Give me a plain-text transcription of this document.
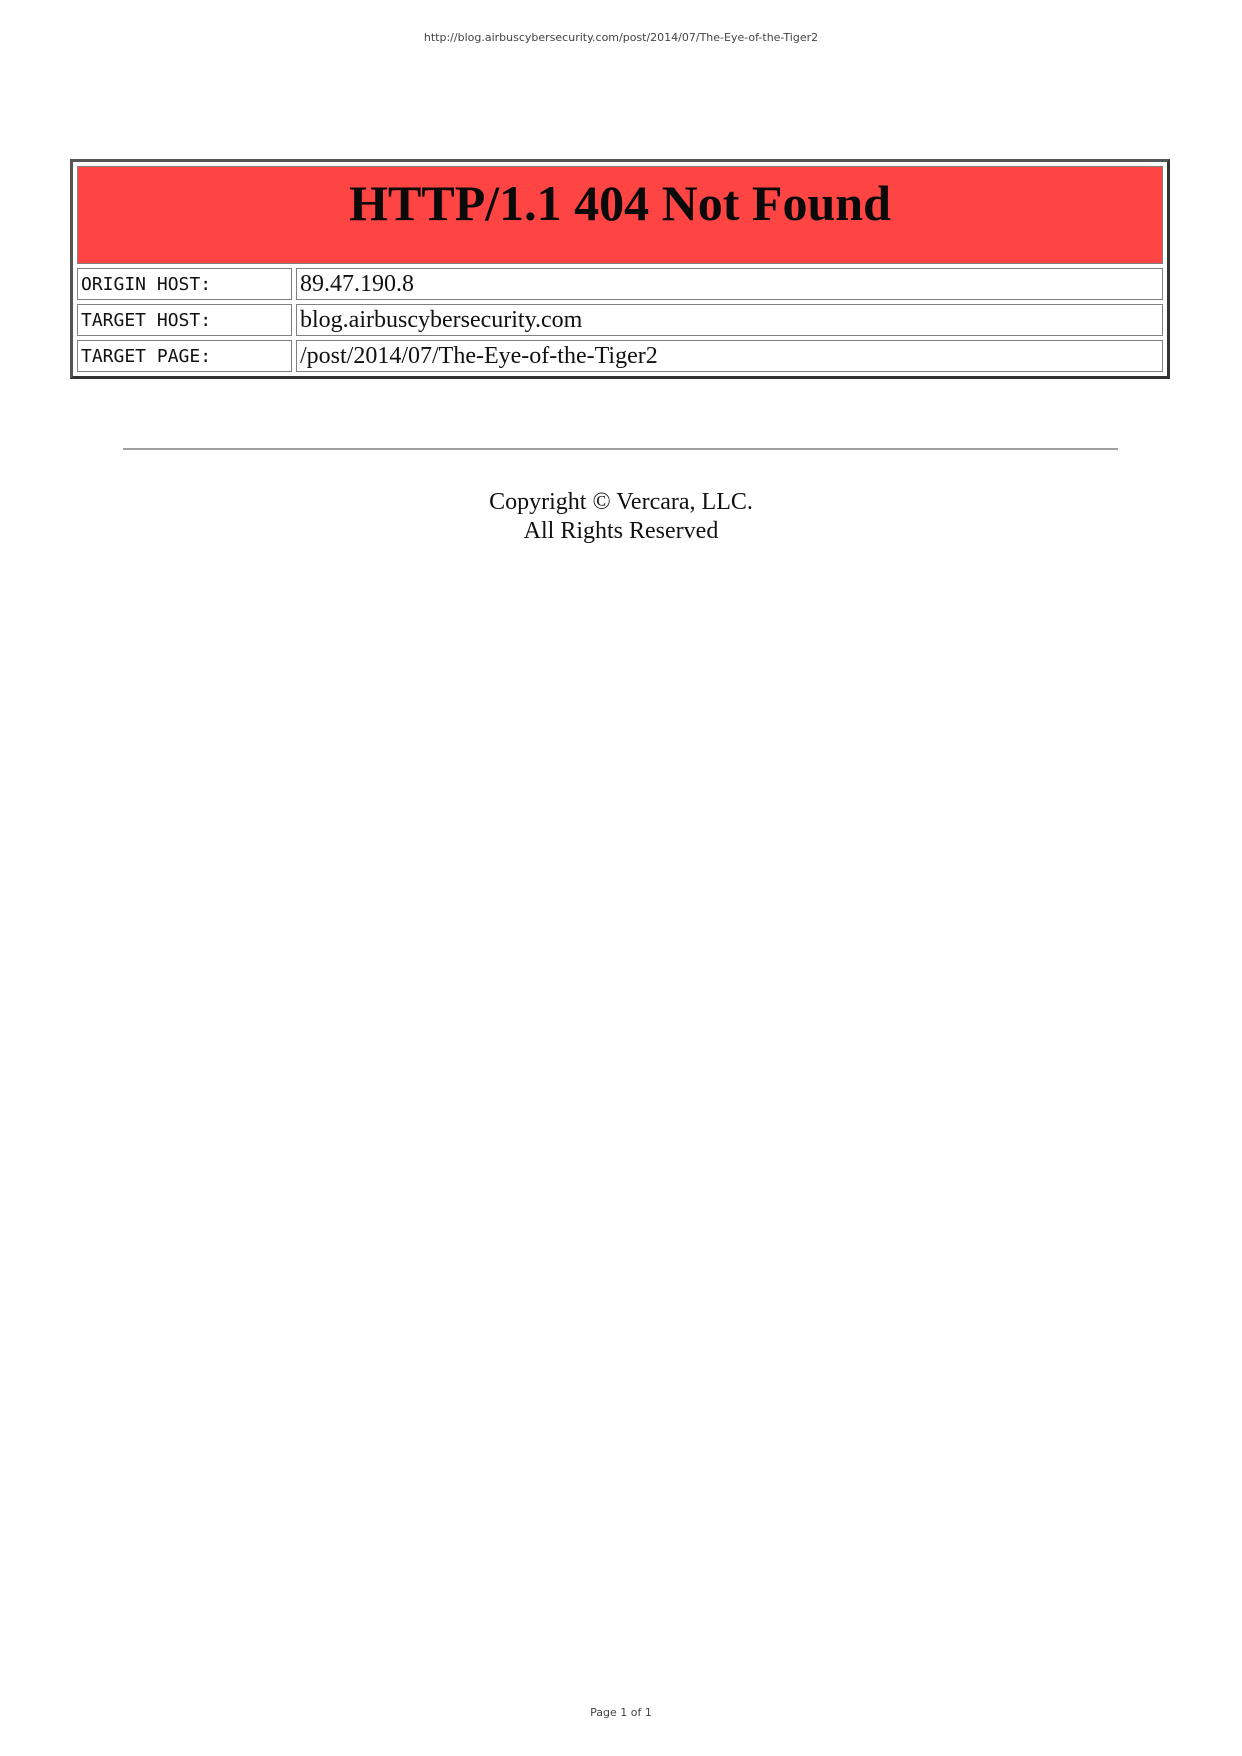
http://blog.airbuscybersecurity.com/post/2014/07/The-Eye-of-the-Tiger2
HTTP/1.1 404 Not Found	

ORIGIN HOST:	89.47.190.8
TARGET HOST:	blog.airbuscybersecurity.com
TARGET PAGE:	/post/2014/07/The-Eye-of-the-Tiger2
Copyright © Vercara, LLC.
All Rights Reserved
Page 1 of 1
